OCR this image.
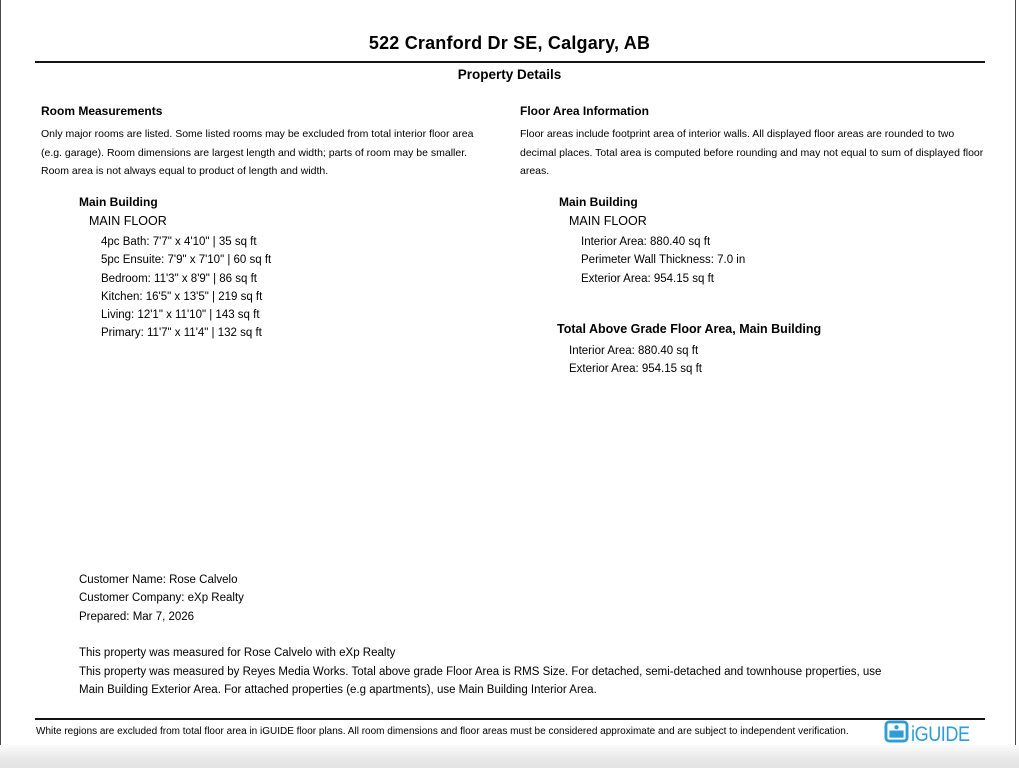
522 Cranford Dr SE, Calgary, AB
Property Details
Room Measurements
Only major rooms are listed. Some listed rooms may be excluded from total interior floor area (e.g. garage). Room dimensions are largest length and width; parts of room may be smaller. Room area is not always equal to product of length and width.
Main Building
MAIN FLOOR
4pc Bath: 7'7" x 4'10" | 35 sq ft
5pc Ensuite: 7'9" x 7'10" | 60 sq ft
Bedroom: 11'3" x 8'9" | 86 sq ft
Kitchen: 16'5" x 13'5" | 219 sq ft
Living: 12'1" x 11'10" | 143 sq ft
Primary: 11'7" x 11'4" | 132 sq ft
Floor Area Information
Floor areas include footprint area of interior walls. All displayed floor areas are rounded to two decimal places. Total area is computed before rounding and may not equal to sum of displayed floor areas.
Main Building
MAIN FLOOR
Interior Area: 880.40 sq ft
Perimeter Wall Thickness: 7.0 in
Exterior Area: 954.15 sq ft
Total Above Grade Floor Area, Main Building
Interior Area: 880.40 sq ft
Exterior Area: 954.15 sq ft
Customer Name: Rose Calvelo
Customer Company: eXp Realty
Prepared: Mar 7, 2026
This property was measured for Rose Calvelo with eXp Realty
This property was measured by Reyes Media Works. Total above grade Floor Area is RMS Size. For detached, semi-detached and townhouse properties, use Main Building Exterior Area. For attached properties (e.g apartments), use Main Building Interior Area.
White regions are excluded from total floor area in iGUIDE floor plans. All room dimensions and floor areas must be considered approximate and are subject to independent verification.	iGUIDE
